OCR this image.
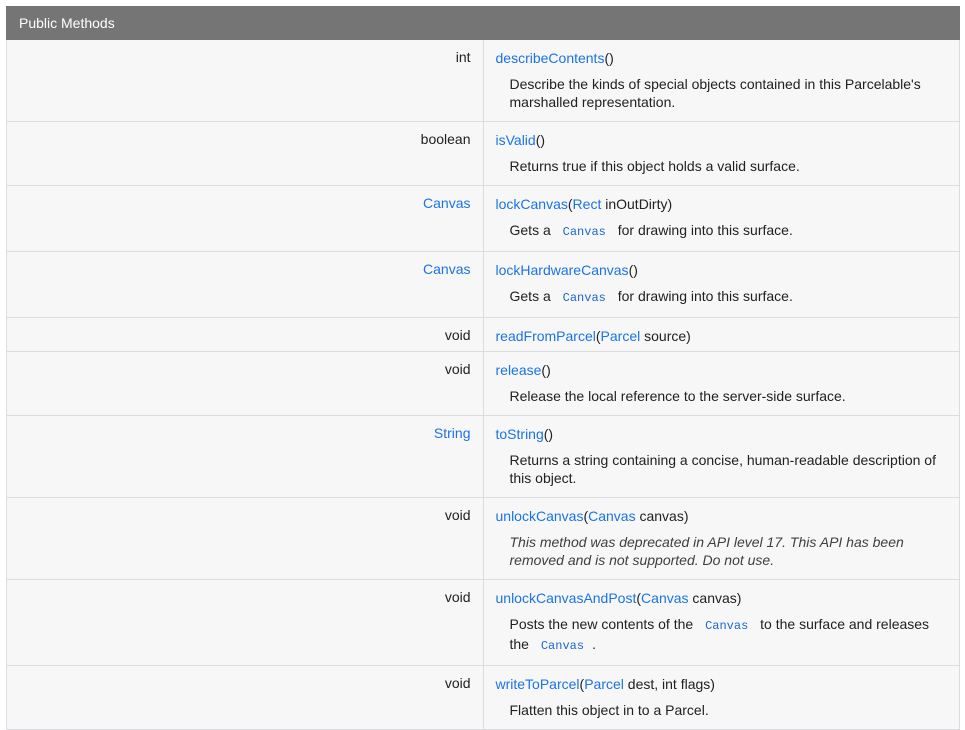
Public Methods	
int	describeContents()
Describe the kinds of special objects contained in this Parcelable's marshalled representation.

boolean	isValid()
Returns true if this object holds a valid surface.

Canvas	lockCanvas(Rect inOutDirty)
Gets a Canvas for drawing into this surface.

Canvas	lockHardwareCanvas()
Gets a Canvas for drawing into this surface.

void	readFromParcel(Parcel source)

void	release()
Release the local reference to the server-side surface.

String	toString()
Returns a string containing a concise, human-readable description of this object.

void	unlockCanvas(Canvas canvas)
This method was deprecated in API level 17. This API has been removed and is not supported. Do not use.

void	unlockCanvasAndPost(Canvas canvas)
Posts the new contents of the Canvas to the surface and releases the Canvas .

void	writeToParcel(Parcel dest, int flags)
Flatten this object in to a Parcel.
